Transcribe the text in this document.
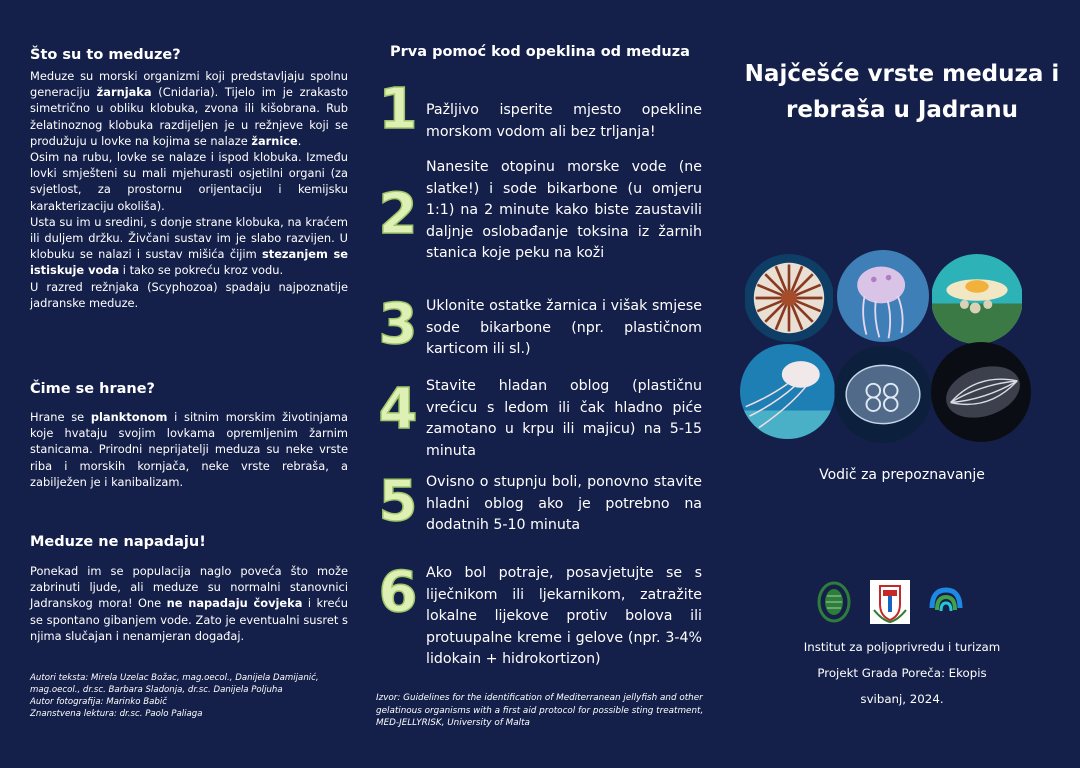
Što su to meduze?

Meduze su morski organizmi koji predstavljaju spolnu generaciju žarnjaka (Cnidaria). Tijelo im je zrakasto simetrično u obliku klobuka, zvona ili kišobrana. Rub želatinoznog klobuka razdijeljen je u režnjeve koji se produžuju u lovke na kojima se nalaze žarnice.

Osim na rubu, lovke se nalaze i ispod klobuka. Između lovki smješteni su mali mjehurasti osjetilni organi (za svjetlost, za prostornu orijentaciju i kemijsku karakterizaciju okoliša).

Usta su im u sredini, s donje strane klobuka, na kraćem ili duljem držku. Živčani sustav im je slabo razvijen. U klobuku se nalazi i sustav mišića čijim stezanjem se istiskuje voda i tako se pokreću kroz vodu.

U razred režnjaka (Scyphozoa) spadaju najpoznatije jadranske meduze.

Čime se hrane?

Hrane se planktonom i sitnim morskim životinjama koje hvataju svojim lovkama opremljenim žarnim stanicama. Prirodni neprijatelji meduza su neke vrste riba i morskih kornjača, neke vrste rebraša, a zabilježen je i kanibalizam.

Meduze ne napadaju!

Ponekad im se populacija naglo poveća što može zabrinuti ljude, ali meduze su normalni stanovnici Jadranskog mora! One ne napadaju čovjeka i kreću se spontano gibanjem vode. Zato je eventualni susret s njima slučajan i nenamjeran događaj.

Autori teksta: Mirela Uzelac Božac, mag.oecol., Danijela Damijanić, mag.oecol., dr.sc. Barbara Sladonja, dr.sc. Danijela Poljuha
Autor fotografija: Marinko Babič
Znanstvena lektura: dr.sc. Paolo Paliaga
Prva pomoć kod opeklina od meduza
1 Pažljivo isperite mjesto opekline morskom vodom ali bez trljanja!
2
Nanesite otopinu morske vode (ne slatke!) i sode bikarbone (u omjeru 1:1) na 2 minute kako biste zaustavili daljnje oslobađanje toksina iz žarnih stanica koje peku na koži
3 Uklonite ostatke žarnica i višak smjese sode bikarbone (npr. plastičnom karticom ili sl.)
4 Stavite hladan oblog (plastičnu vrećicu s ledom ili čak hladno piće zamotano u krpu ili majicu) na 5-15 minuta
5 Ovisno o stupnju boli, ponovno stavite hladni oblog ako je potrebno na dodatnih 5-10 minuta
6 Ako bol potraje, posavjetujte se s liječnikom ili ljekarnikom, zatražite lokalne lijekove protiv bolova ili protuupalne kreme i gelove (npr. 3-4% lidokain + hidrokortizon)
Izvor: Guidelines for the identification of Mediterranean jellyfish and other gelatinous organisms with a first aid protocol for possible sting treatment, MED-JELLYRISK, University of Malta
Najčešće vrste meduza i rebraša u Jadranu
Vodič za prepoznavanje
Institut za poljoprivredu i turizam
Projekt Grada Poreča: Ekopis
svibanj, 2024.
